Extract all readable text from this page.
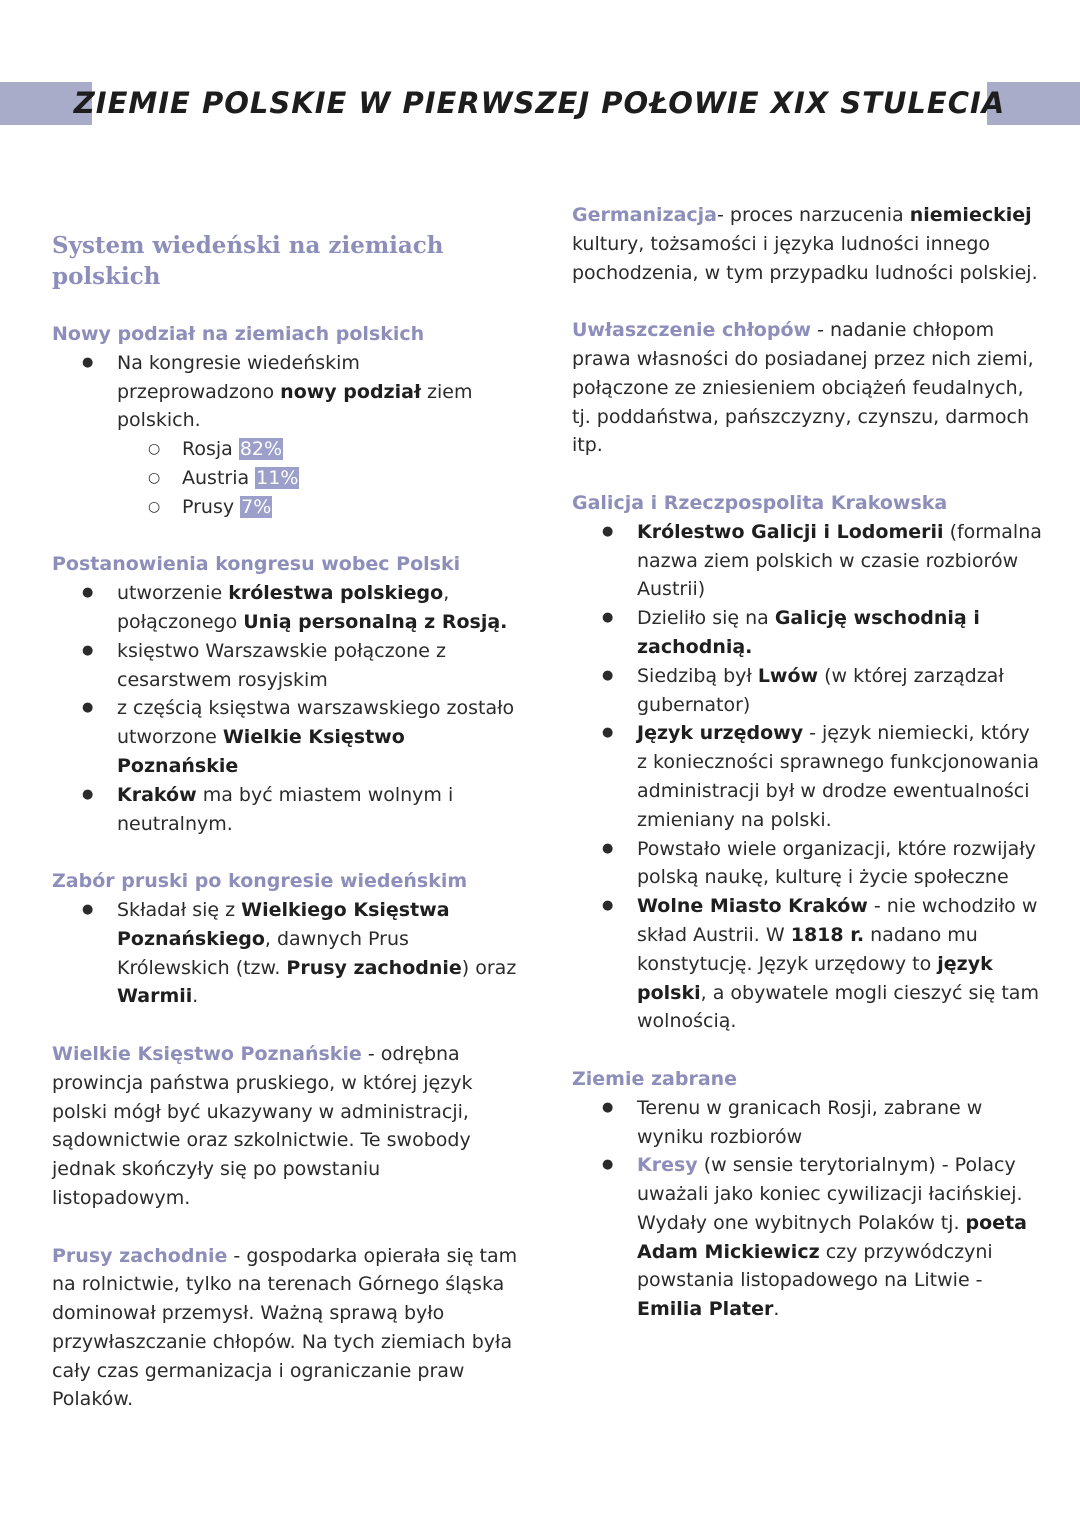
ZIEMIE POLSKIE W PIERWSZEJ POŁOWIE XIX STULECIA
System wiedeński na ziemiach polskich

Nowy podział na ziemiach polskich

● Na kongresie wiedeńskim przeprowadzono nowy podział ziem polskich.
○ Rosja 82%
○ Austria 11%
○ Prusy 7%

Postanowienia kongresu wobec Polski

● utworzenie królestwa polskiego, połączonego Unią personalną z Rosją.
● księstwo Warszawskie połączone z cesarstwem rosyjskim
● z częścią księstwa warszawskiego zostało utworzone Wielkie Księstwo Poznańskie
● Kraków ma być miastem wolnym i neutralnym.

Zabór pruski po kongresie wiedeńskim

● Składał się z Wielkiego Księstwa Poznańskiego, dawnych Prus Królewskich (tzw. Prusy zachodnie) oraz Warmii.

Wielkie Księstwo Poznańskie - odrębna prowincja państwa pruskiego, w której język polski mógł być ukazywany w administracji, sądownictwie oraz szkolnictwie. Te swobody jednak skończyły się po powstaniu listopadowym.

Prusy zachodnie - gospodarka opierała się tam na rolnictwie, tylko na terenach Górnego śląska dominował przemysł. Ważną sprawą było przywłaszczanie chłopów. Na tych ziemiach była cały czas germanizacja i ograniczanie praw Polaków.

Germanizacja- proces narzucenia niemieckiej kultury, tożsamości i języka ludności innego pochodzenia, w tym przypadku ludności polskiej.

Uwłaszczenie chłopów - nadanie chłopom prawa własności do posiadanej przez nich ziemi, połączone ze zniesieniem obciążeń feudalnych, tj. poddaństwa, pańszczyzny, czynszu, darmoch itp.

Galicja i Rzeczpospolita Krakowska

● Królestwo Galicji i Lodomerii (formalna nazwa ziem polskich w czasie rozbiorów Austrii)
● Dzieliło się na Galicję wschodnią i zachodnią.
● Siedzibą był Lwów (w której zarządzał gubernator)
● Język urzędowy - język niemiecki, który z konieczności sprawnego funkcjonowania administracji był w drodze ewentualności zmieniany na polski.
● Powstało wiele organizacji, które rozwijały polską naukę, kulturę i życie społeczne
● Wolne Miasto Kraków - nie wchodziło w skład Austrii. W 1818 r. nadano mu konstytucję. Język urzędowy to język polski, a obywatele mogli cieszyć się tam wolnością.

Ziemie zabrane

● Terenu w granicach Rosji, zabrane w wyniku rozbiorów
● Kresy (w sensie terytorialnym) - Polacy uważali jako koniec cywilizacji łacińskiej. Wydały one wybitnych Polaków tj. poeta Adam Mickiewicz czy przywódczyni powstania listopadowego na Litwie - Emilia Plater.
